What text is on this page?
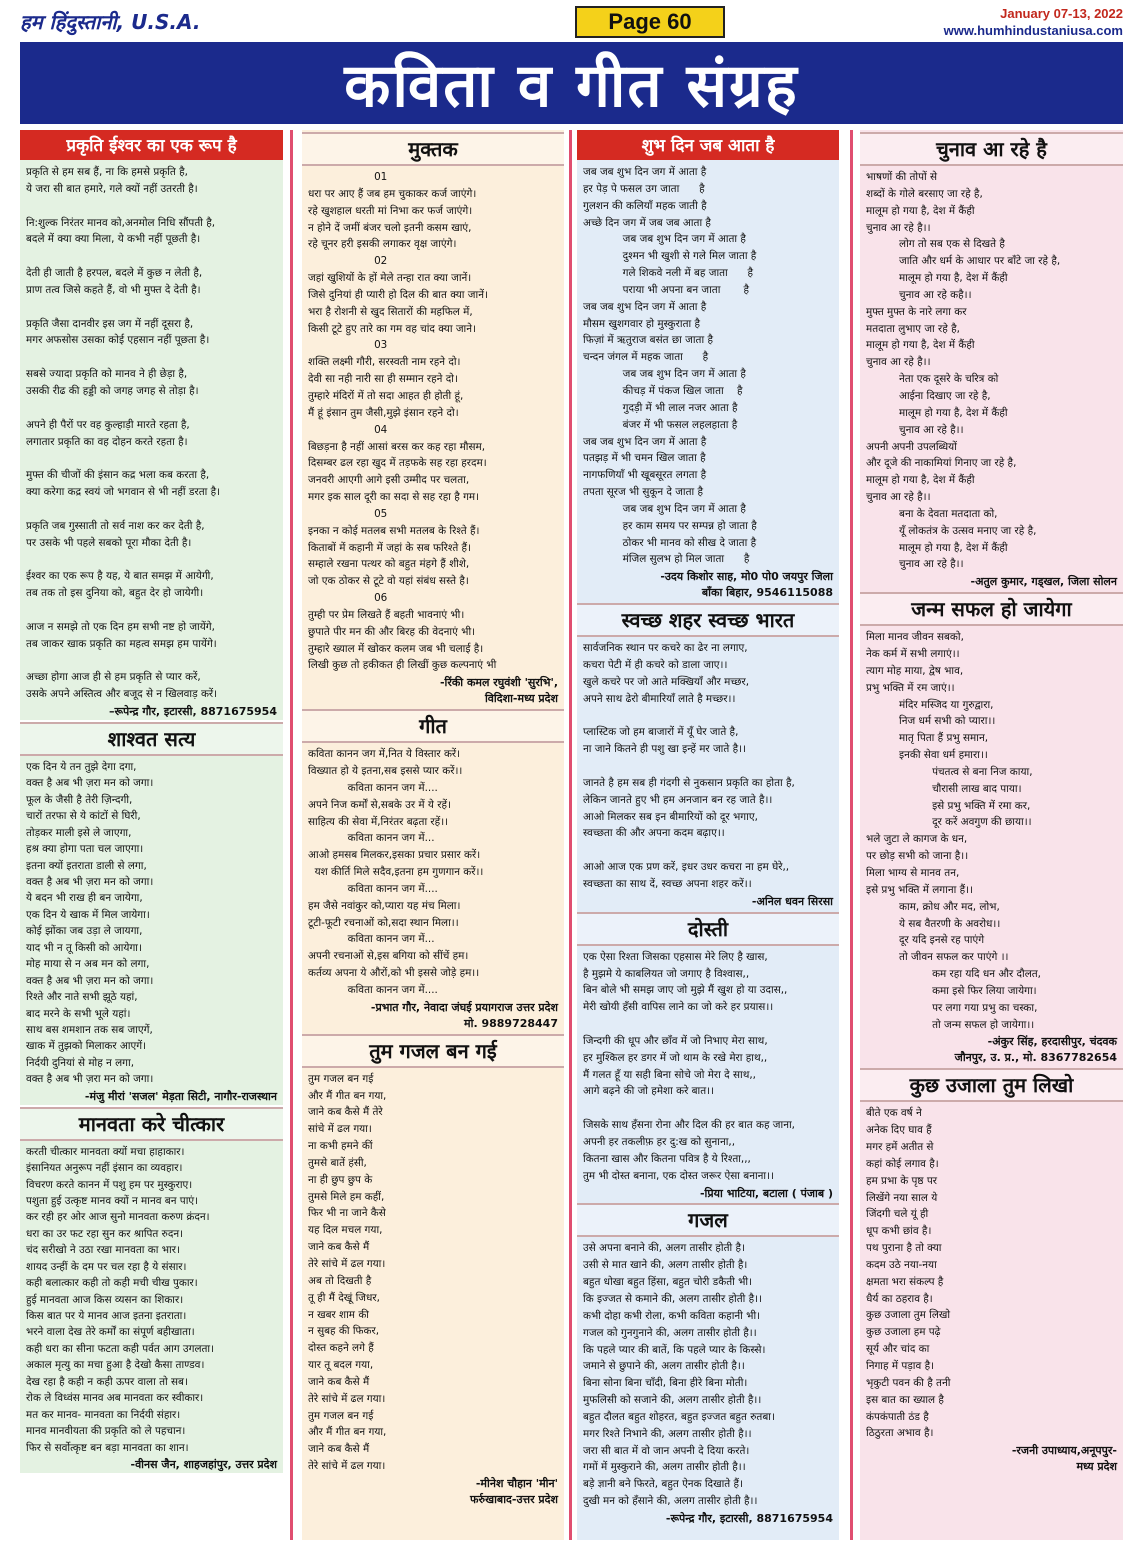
हम हिंदुस्तानी, U.S.A.	Page 60	January 07-13, 2022
www.humhindustaniusa.com
कविता व गीत संग्रह
प्रकृति ईश्वर का एक रूप है
प्रकृति से हम सब हैं, ना कि हमसे प्रकृति है,
ये जरा सी बात हमारे, गले क्यों नहीं उतरती है।

नि:शुल्क निरंतर मानव को,अनमोल निधि सौंपती है,
बदले में क्या क्या मिला, ये कभी नहीं पूछती है।

देती ही जाती है हरपल, बदले में कुछ न लेती है,
प्राण तत्व जिसे कहते हैं, वो भी मुफ्त दे देती है।

प्रकृति जैसा दानवीर इस जग में नहीं दूसरा है,
मगर अफसोस उसका कोई एहसान नहीं पूछता है।

सबसे ज्यादा प्रकृति को मानव ने ही छेड़ा है,
उसकी रीढ की हड्डी को जगह जगह से तोड़ा है।

अपने ही पैरों पर वह कुल्हाड़ी मारते रहता है,
लगातार प्रकृति का वह दोहन करते रहता है।

मुफ्त की चीजों की इंसान कद्र भला कब करता है,
क्या करेगा कद्र स्वयं जो भगवान से भी नहीं डरता है।

प्रकृति जब गुस्साती तो सर्व नाश कर कर देती है,
पर उसके भी पहले सबको पूरा मौका देती है।

ईश्वर का एक रूप है यह, ये बात समझ में आयेगी,
तब तक तो इस दुनिया को, बहुत देर हो जायेगी।

आज न समझे तो एक दिन हम सभी नष्ट हो जायेंगे,
तब जाकर खाक प्रकृति का महत्व समझ हम पायेंगे।

अच्छा होगा आज ही से हम प्रकृति से प्यार करें,
उसके अपने अस्तित्व और बजूद से न खिलवाड़ करें।
–रूपेन्द्र गौर, इटारसी, 8871675954
शाश्वत सत्य
एक दिन ये तन तुझे देगा दगा,
वक्त है अब भी ज़रा मन को जगा।
फूल के जैसी है तेरी ज़िन्दगी,
चारों तरफा से ये कांटों से घिरी,
तोड़कर माली इसे ले जाएगा,
हश्र क्या होगा पता चल जाएगा।
इतना क्यों इतराता डाली से लगा,
वक्त है अब भी ज़रा मन को जगा।
ये बदन भी राख ही बन जायेगा,
एक दिन ये खाक में मिल जायेगा।
कोई झोंका जब उड़ा ले जायगा,
याद भी न तू किसी को आयेगा।
मोह माया से न अब मन को लगा,
वक्त है अब भी ज़रा मन को जगा।
रिश्ते और नाते सभी झूठे यहां,
बाद मरने के सभी भूले यहां।
साथ बस शमशान तक सब जाएगें,
खाक में तुझको मिलाकर आएगें।
निर्दयी दुनियां से मोह न लगा,
वक्त है अब भी ज़रा मन को जगा।
-मंजु मीरां 'सजल' मेड़ता सिटी, नागौर-राजस्थान
मानवता करे चीत्कार
करती चीत्कार मानवता क्यों मचा हाहाकार।
इंसानियत अनुरूप नहीं इंसान का व्यवहार।
विचरण करते कानन में पशु हम पर मुस्कुराए।
पशुता हुई उत्कृष्ट मानव क्यों न मानव बन पाएं।
कर रही हर ओर आज सुनो मानवता करुण क्रंदन।
धरा का उर फट रहा सुन कर श्रापित रुदन।
चंद सरीखो ने उठा रखा मानवता का भार।
शायद उन्हीं के दम पर चल रहा है ये संसार।
कही बलात्कार कही तो कही मची चीख पुकार।
हुई मानवता आज किस व्यसन का शिकार।
किस बात पर ये मानव आज इतना इतराता।
भरने वाला देख तेरे कर्मों का संपूर्ण बहीखाता।
कही धरा का सीना फटता कही पर्वत आग उगलता।
अकाल मृत्यु का मचा हुआ है देखो कैसा ताण्डव।
देख रहा है कही न कही ऊपर वाला तो सब।
रोक ले विध्वंस मानव अब मानवता कर स्वीकार।
मत कर मानव- मानवता का निर्दयी संहार।
मानव मानवीयता की प्रकृति को ले पहचान।
फिर से सर्वोत्कृष्ट बन बड़ा मानवता का शान।
-वीनस जैन, शाहजहांपुर, उत्तर प्रदेश
मुक्तक
01
धरा पर आए हैं जब हम चुकाकर कर्ज जाएंगे।
रहे खुशहाल धरती मां निभा कर फर्ज जाएंगे।
न होने दें जमीं बंजर चलो इतनी कसम खाएं,
रहे चूनर हरी इसकी लगाकर वृक्ष जाएंगे।
02
जहां खुशियों के हों मेले तन्हा रात क्या जानें।
जिसे दुनियां ही प्यारी हो दिल की बात क्या जानें।
भरा है रोशनी से खुद सितारों की महफिल में,
किसी टूटे हुए तारे का गम वह चांद क्या जाने।
03
शक्ति लक्ष्मी गौरी, सरस्वती नाम रहने दो।
देवी सा नही नारी सा ही सम्मान रहने दो।
तुम्हारे मंदिरों में तो सदा आहत ही होती हूं,
मैं हूं इंसान तुम जैसी,मुझे इंसान रहने दो।
04
बिछड़ना है नहीं आसां बरस कर कह रहा मौसम,
दिसम्बर ढल रहा खुद में तड़फके सह रहा हरदम।
जनवरी आएगी आगे इसी उम्मीद पर चलता,
मगर इक साल दूरी का सदा से सह रहा है गम।
05
इनका न कोई मतलब सभी मतलब के रिश्ते हैं।
किताबों में कहानी में जहां के सब फरिश्ते हैं।
सम्हाले रखना पत्थर को बहुत मंहगे हैं शीशे,
जो एक ठोकर से टूटे वो यहां संबंध सस्ते है।
06
तुम्ही पर प्रेम लिखते हैं बहती भावनाएं भी।
छुपाते पीर मन की और बिरह की वेदनाएं भी।
तुम्हारे ख्याल में खोकर कलम जब भी चलाई है।
लिखी कुछ तो हकीकत ही लिखीं कुछ कल्पनाएं भी
-रिंकी कमल रघुवंशी 'सुरभि',
विदिशा-मध्य प्रदेश
गीत
कविता कानन जग में,नित ये विस्तार करें।
विख्यात हो ये इतना,सब इससे प्यार करें।।
कविता कानन जग में....
अपने निज कर्मों से,सबके उर में ये रहें।
साहित्य की सेवा में,निरंतर बढ़ता रहें।।
कविता कानन जग में...
आओ हमसब मिलकर,इसका प्रचार प्रसार करें।
यश कीर्ति मिले सदैव,इतना हम गुणगान करें।।
कविता कानन जग में....
हम जैसे नवांकुर को,प्यारा यह मंच मिला।
टूटी-फूटी रचनाओं को,सदा स्थान मिला।।
कविता कानन जग में...
अपनी रचनाओं से,इस बगिया को सींचें हम।
कर्तव्य अपना ये औरों,को भी इससे जोड़े हम।।
कविता कानन जग में....
-प्रभात गौर, नेवादा जंघई प्रयागराज उत्तर प्रदेश
मो. 9889728447
तुम गजल बन गई
तुम गजल बन गई
और मैं गीत बन गया,
जाने कब कैसे मैं तेरे
सांचे में ढल गया।
ना कभी हमने कीं
तुमसे बातें हंसी,
ना ही छुप छुप के
तुमसे मिले हम कहीं,
फिर भी ना जाने कैसे
यह दिल मचल गया,
जाने कब कैसे मैं
तेरे सांचे में ढल गया।
अब तो दिखती है
तू ही मैं देखूं जिधर,
न खबर शाम की
न सुबह की फिकर,
दोस्त कहने लगे हैं
यार तू बदल गया,
जाने कब कैसे मैं
तेरे सांचे में ढल गया।
तुम गजल बन गई
और मैं गीत बन गया,
जाने कब कैसे मैं
तेरे सांचे में ढल गया।
-मीनेश चौहान 'मीन'
फर्रुखाबाद-उत्तर प्रदेश
शुभ दिन जब आता है
जब जब शुभ दिन जग में आता है
हर पेड़ पे फसल उग जाता      है
गुलशन की कलियाँ महक जाती है
अच्छे दिन जग में जब जब आता है
जब जब शुभ दिन जग में आता है
दुश्मन भी खुशी से गले मिल जाता है
गले शिकवे नली में बह जाता      है
पराया भी अपना बन जाता       है
जब जब शुभ दिन जग में आता है
मौसम खुशगवार हो मुस्कुराता है
फिज़ां में ऋतुराज बसंत छा जाता है
चन्दन जंगल में महक जाता      है
जब जब शुभ दिन जग में आता है
कीचड़ में पंकज खिल जाता    है
गुदड़ी में भी लाल नजर आता है
बंजर में भी फसल लहलहाता है
जब जब शुभ दिन जग में आता है
पतझड़ में भी चमन खिल जाता है
नागफणियाँ भी खूबसूरत लगता है
तपता सूरज भी सुकून दे जाता है
जब जब शुभ दिन जग में आता है
हर काम समय पर सम्पन्न हो जाता है
ठोकर भी मानव को सीख दे जाता है
मंजिल सुलभ हो मिल जाता      है
-उदय किशोर साह, मो0 पो0 जयपुर जिला
बाँका बिहार, 9546115088
स्वच्छ शहर स्वच्छ भारत
सार्वजनिक स्थान पर कचरे का ढेर ना लगाए,
कचरा पेटी में ही कचरे को डाला जाए।।
खुले कचरे पर जो आते मक्खियाँ और मच्छर,
अपने साथ ढेरो बीमारियाँ लाते है मच्छर।।

प्लास्टिक जो हम बाजारों में यूँ घेर जाते है,
ना जाने कितने ही पशु खा इन्हें मर जाते है।।

जानते है हम सब ही गंदगी से नुकसान प्रकृति का होता है,
लेकिन जानते हुए भी हम अनजान बन रह जाते है।।
आओ मिलकर सब इन बीमारियों को दूर भगाए,
स्वच्छता की और अपना कदम बढ़ाए।।

आओ आज एक प्रण करें, इधर उधर कचरा ना हम घेरे,,
स्वच्छता का साथ दें, स्वच्छ अपना शहर करें।।
-अनिल धवन सिरसा
दोस्ती
एक ऐसा रिश्ता जिसका एहसास मेरे लिए है खास,
है मुझमे ये काबलियत जो जगाए है विश्वास,,
बिन बोले भी समझ जाए जो मुझे मैं खुश हो या उदास,,
मेरी खोयी हँसी वापिस लाने का जो करे हर प्रयास।।

जिन्दगी की धूप और छाँव में जो निभाए मेरा साथ,
हर मुश्किल हर डगर में जो थाम के रखे मेरा हाथ,,
मैं गलत हूँ या सही बिना सोचे जो मेरा दे साथ,,
आगे बढ़ने की जो हमेशा करे बात।।

जिसके साथ हँसना रोना और दिल की हर बात कह जाना,
अपनी हर तकलीफ़ हर दु:ख को सुनाना,,
कितना खास और कितना पवित्र है ये रिश्ता,,,
तुम भी दोस्त बनाना, एक दोस्त जरूर ऐसा बनाना।।
-प्रिया भाटिया, बटाला ( पंजाब )
गजल
उसे अपना बनाने की, अलग तासीर होती है।
उसी से मात खाने की, अलग तासीर होती है।
बहुत धोखा बहुत हिंसा, बहुत चोरी डकैती भी।
कि इज्जत से कमाने की, अलग तासीर होती है।।
कभी दोहा कभी रोला, कभी कविता कहानी भी।
गजल को गुनगुनाने की, अलग तासीर होती है।।
कि पहले प्यार की बातें, कि पहले प्यार के किस्से।
जमाने से छुपाने की, अलग तासीर होती है।।
बिना सोना बिना चाँदी, बिना हीरे बिना मोती।
मुफलिसी को सजाने की, अलग तासीर होती है।।
बहुत दौलत बहुत शोहरत, बहुत इज्जत बहुत रुतबा।
मगर रिश्ते निभाने की, अलग तासीर होती है।।
जरा सी बात में वो जान अपनी दे दिया करते।
गमों में मुस्कुराने की, अलग तासीर होती है।।
बड़े ज्ञानी बने फिरते, बहुत ऐनक दिखाते हैं।
दुखी मन को हँसाने की, अलग तासीर होती है।।
-रूपेन्द्र गौर, इटारसी, 8871675954
चुनाव आ रहे है
भाषणों की तोपों से
शब्दों के गोले बरसाए जा रहे है,
मालूम हो गया है, देश में कैंही
चुनाव आ रहे है।।
लोग तो सब एक से दिखते है
जाति और धर्म के आधार पर बाँटे जा रहे है,
मालूम हो गया है, देश में कैंही
चुनाव आ रहे कहै।।
मुफ्त मुफ्त के नारे लगा कर
मतदाता लुभाए जा रहे है,
मालूम हो गया है, देश में कैंही
चुनाव आ रहे है।।
नेता एक दूसरे के चरित्र को
आईना दिखाए जा रहे है,
मालूम हो गया है, देश में कैंही
चुनाव आ रहे है।।
अपनी अपनी उपलब्धियों
और दूजे की नाकामियां गिनाए जा रहे है,
मालूम हो गया है, देश में कैंही
चुनाव आ रहे है।।
बना के देवता मतदाता को,
यूँ लोकतंत्र के उत्सव मनाए जा रहे है,
मालूम हो गया है, देश में कैंही
चुनाव आ रहे है।।
-अतुल कुमार, गड्खल, जिला सोलन
जन्म सफल हो जायेगा
मिला मानव जीवन सबको,
नेक कर्म में सभी लगाएं।।
त्याग मोह माया, द्वेष भाव,
प्रभु भक्ति में रम जाएं।।
मंदिर मस्जिद या गुरुद्वारा,
निज धर्म सभी को प्यारा।।
मातृ पिता हैं प्रभु समान,
इनकी सेवा धर्म हमारा।।
पंचतत्व से बना निज काया,
चौरासी लाख बाद पाया।
इसे प्रभु भक्ति में रमा कर,
दूर करें अवगुण की छाया।।
भले जुटा ले कागज के धन,
पर छोड़ सभी को जाना है।।
मिला भाग्य से मानव तन,
इसे प्रभु भक्ति में लगाना हैं।।
काम, क्रोध और मद, लोभ,
ये सब वैतरणी के अवरोध।।
दूर यदि इनसे रह पाएंगे
तो जीवन सफल कर पाएंगे ।।
कम रहा यदि धन और दौलत,
कमा इसे फिर लिया जायेगा।
पर लगा गया प्रभु का चस्का,
तो जन्म सफल हो जायेगा।।
-अंकुर सिंह, हरदासीपुर, चंदवक
जौनपुर, उ. प्र., मो. 8367782654
कुछ उजाला तुम लिखो
बीते एक वर्ष ने
अनेक दिए घाव हैं
मगर हमें अतीत से
कहां कोई लगाव है।
हम प्रभा के पृष्ठ पर
लिखेंगे नया साल ये
जिंदगी चले यूं ही
धूप कभी छांव है।
पथ पुराना है तो क्या
कदम उठे नया-नया
क्षमता भरा संकल्प है
धैर्य का ठहराव है।
कुछ उजाला तुम लिखो
कुछ उजाला हम पढ़े
सूर्य और चांद का
निगाह में पड़ाव है।
भृकुटी पवन की है तनी
इस बात का ख्याल है
कंपकंपाती ठंड है
ठिठुरता अभाव है।
-रजनी उपाध्याय,अनूपपुर-
मध्य प्रदेश
